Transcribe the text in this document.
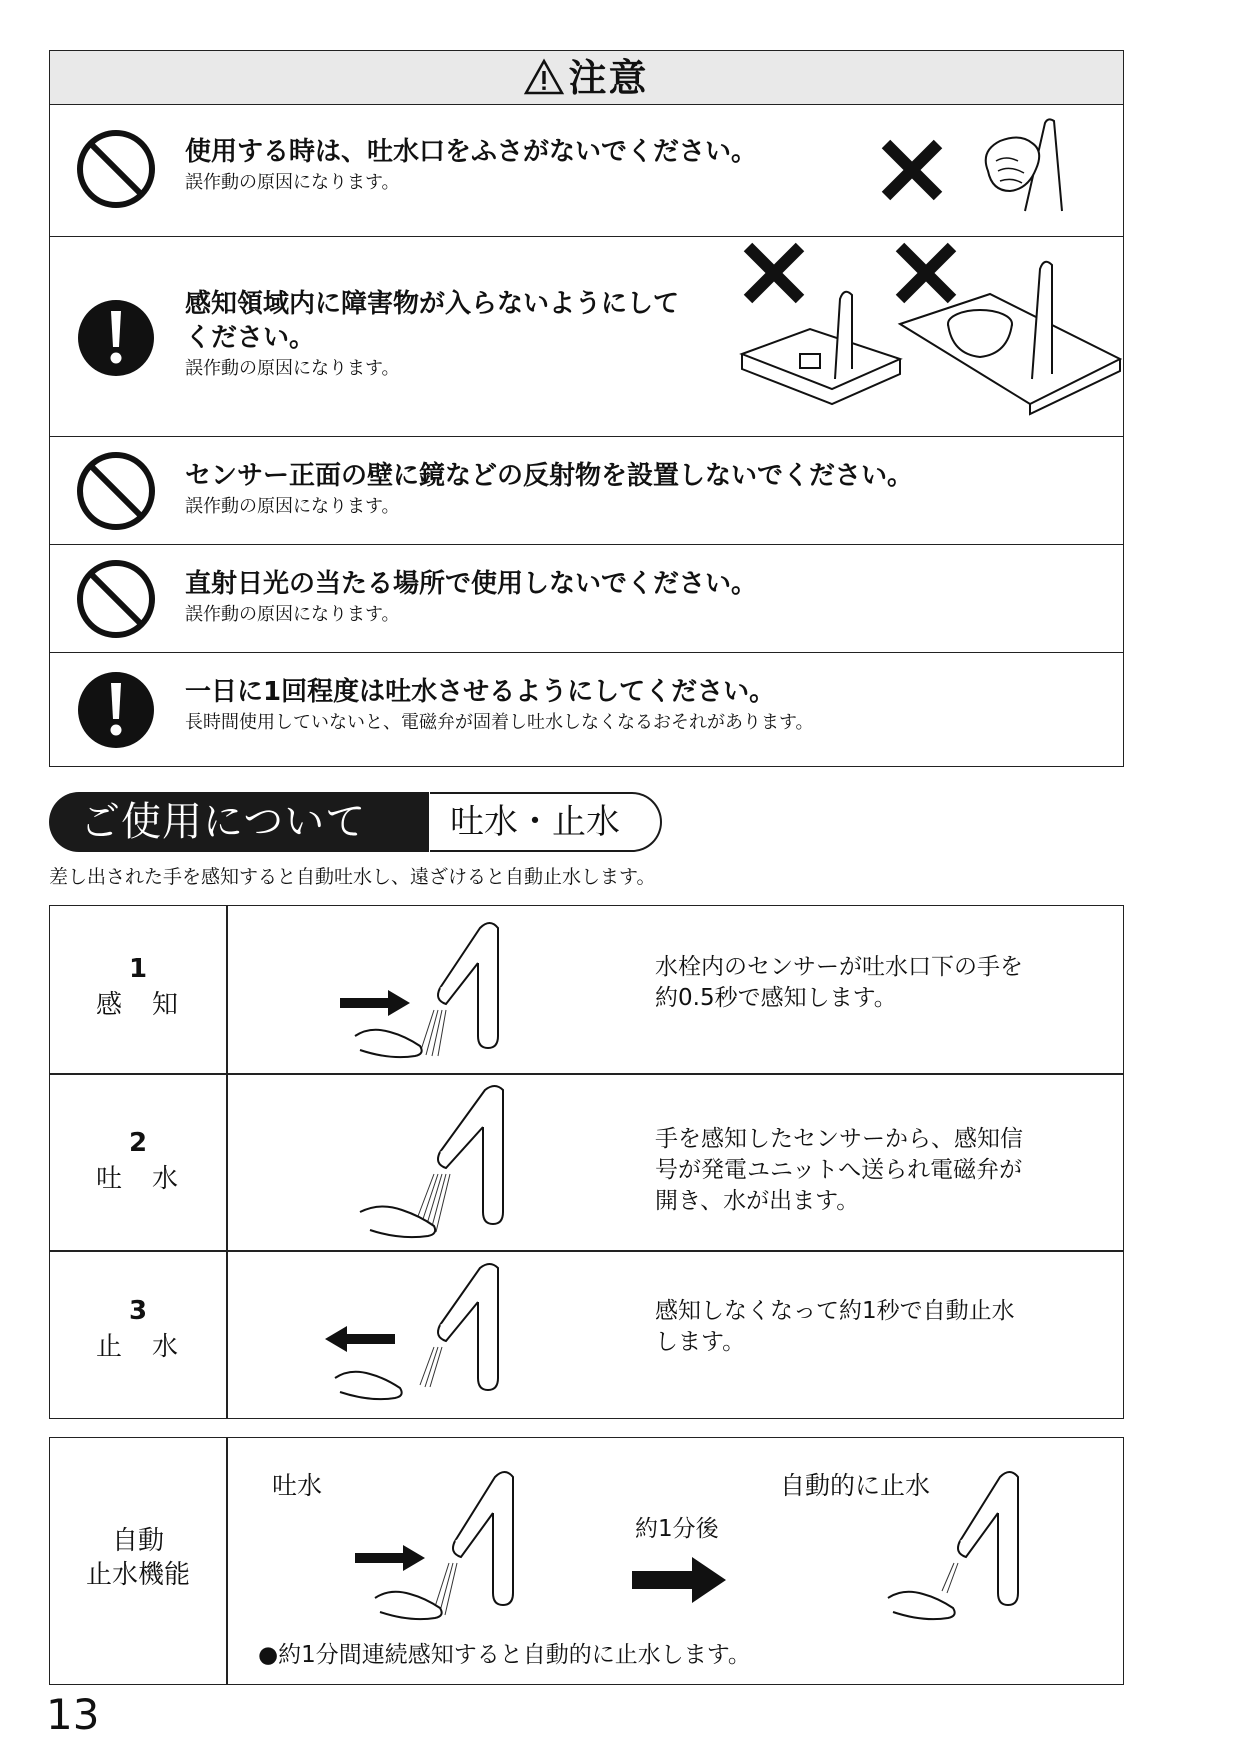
注意
使用する時は、吐水口をふさがないでください。
誤作動の原因になります。
感知領域内に障害物が入らないようにして
ください。
誤作動の原因になります。
センサー正面の壁に鏡などの反射物を設置しないでください。
誤作動の原因になります。
直射日光の当たる場所で使用しないでください。
誤作動の原因になります。
一日に1回程度は吐水させるようにしてください。
長時間使用していないと、電磁弁が固着し吐水しなくなるおそれがあります。
ご使用について 吐水・止水
差し出された手を感知すると自動吐水し、遠ざけると自動止水します。
1
感　知
水栓内のセンサーが吐水口下の手を
約0.5秒で感知します。
2
吐　水
手を感知したセンサーから、感知信
号が発電ユニットへ送られ電磁弁が
開き、水が出ます。
3
止　水
感知しなくなって約1秒で自動止水
します。
自動
止水機能
吐水	自動的に止水
約1分後
●約1分間連続感知すると自動的に止水します。
13
